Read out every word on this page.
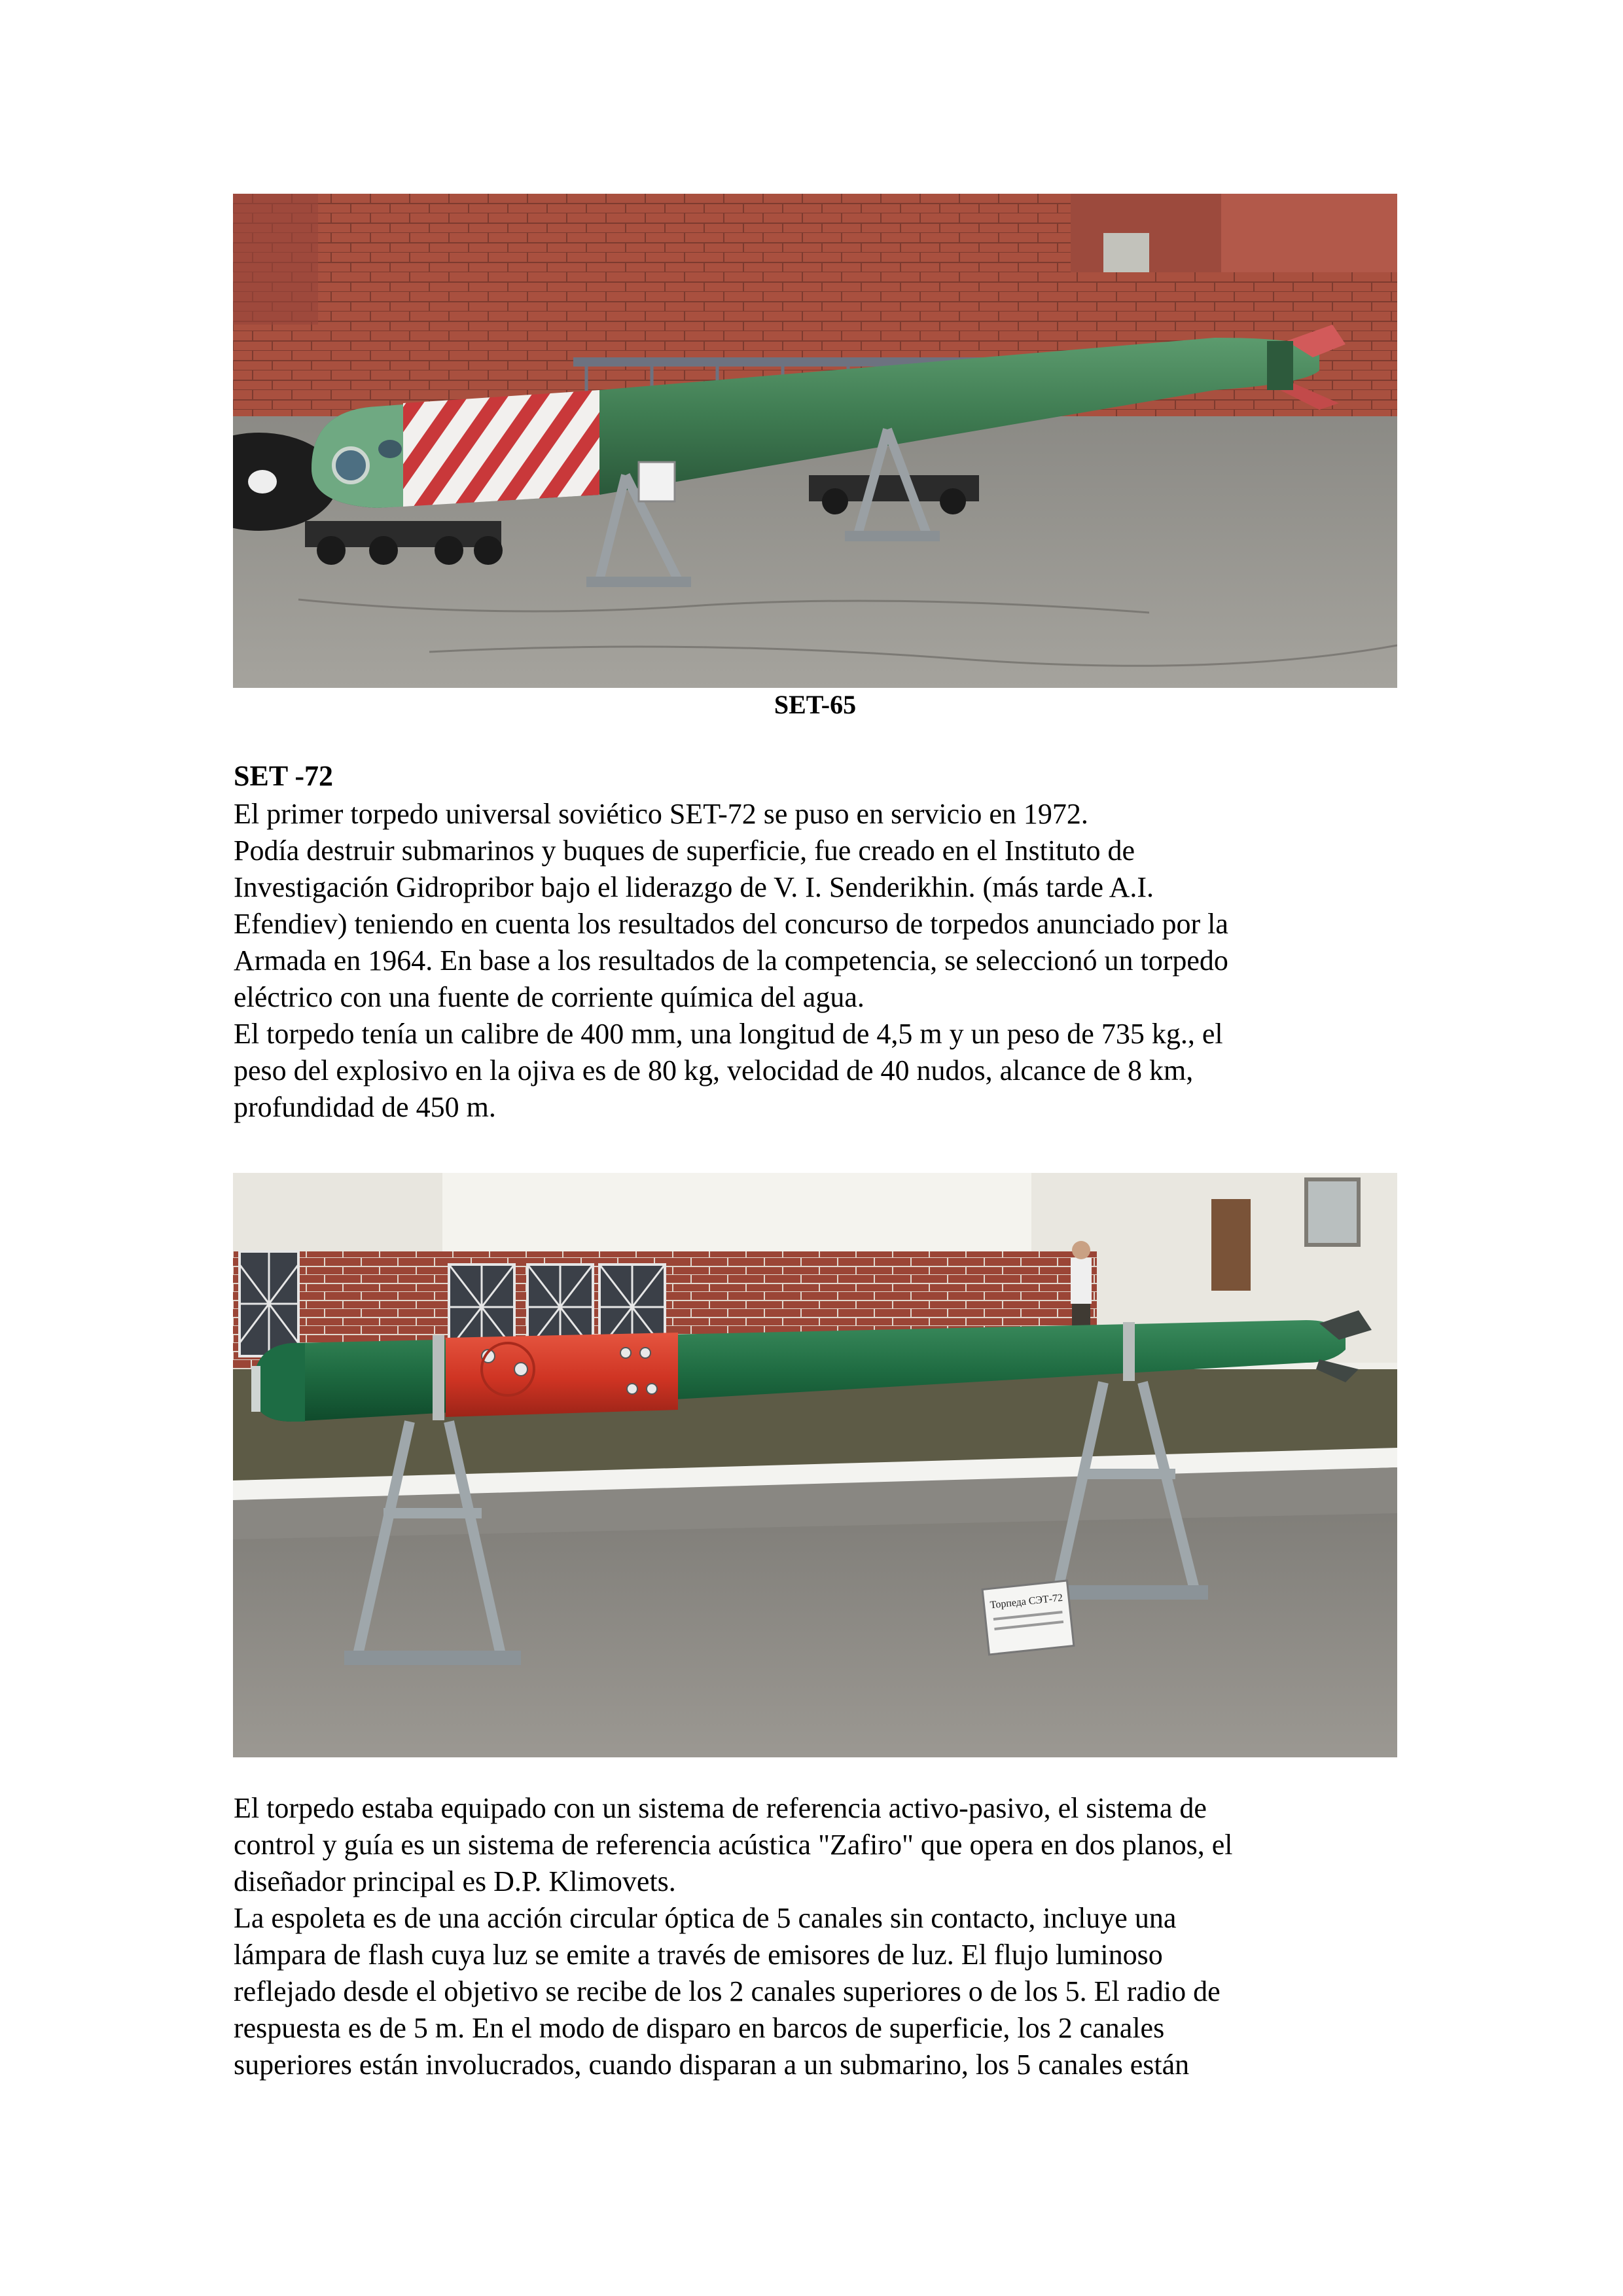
SET-65
SET -72
El primer torpedo universal soviético SET-72 se puso en servicio en 1972.
Podía destruir submarinos y buques de superficie, fue creado en el Instituto de
Investigación Gidropribor bajo el liderazgo de V. I. Senderikhin. (más tarde A.I.
Efendiev) teniendo en cuenta los resultados del concurso de torpedos anunciado por la
Armada en 1964. En base a los resultados de la competencia, se seleccionó un torpedo
eléctrico con una fuente de corriente química del agua.
El torpedo tenía un calibre de 400 mm, una longitud de 4,5 m y un peso de 735 kg., el
peso del explosivo en la ojiva es de 80 kg, velocidad de 40 nudos, alcance de 8 km,
profundidad de 450 m.
Торпеда СЭТ-72
El torpedo estaba equipado con un sistema de referencia activo-pasivo, el sistema de
control y guía es un sistema de referencia acústica "Zafiro" que opera en dos planos, el
diseñador principal es D.P. Klimovets.
La espoleta es de una acción circular óptica de 5 canales sin contacto, incluye una
lámpara de flash cuya luz se emite a través de emisores de luz. El flujo luminoso
reflejado desde el objetivo se recibe de los 2 canales superiores o de los 5. El radio de
respuesta es de 5 m. En el modo de disparo en barcos de superficie, los 2 canales
superiores están involucrados, cuando disparan a un submarino, los 5 canales están
